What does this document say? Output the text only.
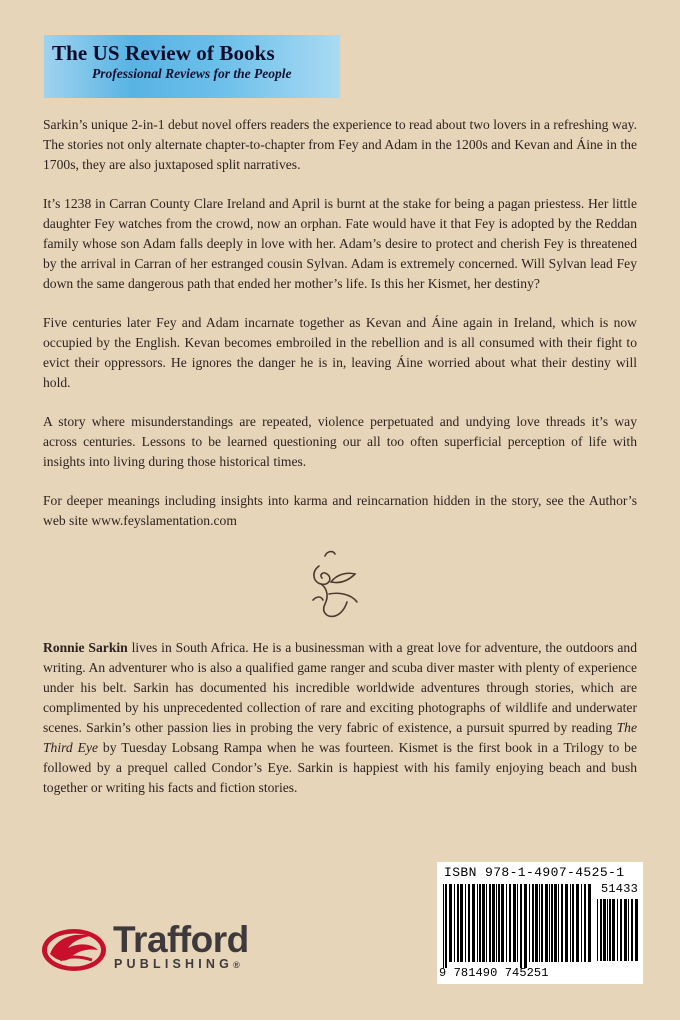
The US Review of Books
Professional Reviews for the People

Sarkin’s unique 2-in-1 debut novel offers readers the experience to read about two lovers in a refreshing way. The stories not only alternate chapter-to-chapter from Fey and Adam in the 1200s and Kevan and Áine in the 1700s, they are also juxtaposed split narratives.

It’s 1238 in Carran County Clare Ireland and April is burnt at the stake for being a pagan priestess. Her little daughter Fey watches from the crowd, now an orphan. Fate would have it that Fey is adopted by the Reddan family whose son Adam falls deeply in love with her. Adam’s desire to protect and cherish Fey is threatened by the arrival in Carran of her estranged cousin Sylvan. Adam is extremely concerned. Will Sylvan lead Fey down the same dangerous path that ended her mother’s life. Is this her Kismet, her destiny?

Five centuries later Fey and Adam incarnate together as Kevan and Áine again in Ireland, which is now occupied by the English. Kevan becomes embroiled in the rebellion and is all consumed with their fight to evict their oppressors. He ignores the danger he is in, leaving Áine worried about what their destiny will hold.

A story where misunderstandings are repeated, violence perpetuated and undying love threads it’s way across centuries. Lessons to be learned questioning our all too often superficial perception of life with insights into living during those historical times.

For deeper meanings including insights into karma and reincarnation hidden in the story, see the Author’s web site www.feyslamentation.com

Ronnie Sarkin lives in South Africa. He is a businessman with a great love for adventure, the outdoors and writing. An adventurer who is also a qualified game ranger and scuba diver master with plenty of experience under his belt. Sarkin has documented his incredible worldwide adventures through stories, which are complimented by his unprecedented collection of rare and exciting photographs of wildlife and underwater scenes. Sarkin’s other passion lies in probing the very fabric of existence, a pursuit spurred by reading The Third Eye by Tuesday Lobsang Rampa when he was fourteen. Kismet is the first book in a Trilogy to be followed by a prequel called Condor’s Eye. Sarkin is happiest with his family enjoying beach and bush together or writing his facts and fiction stories.

ISBN 978-1-4907-4525-1
51433
9 781490 745251
Trafford
PUBLISHING®
